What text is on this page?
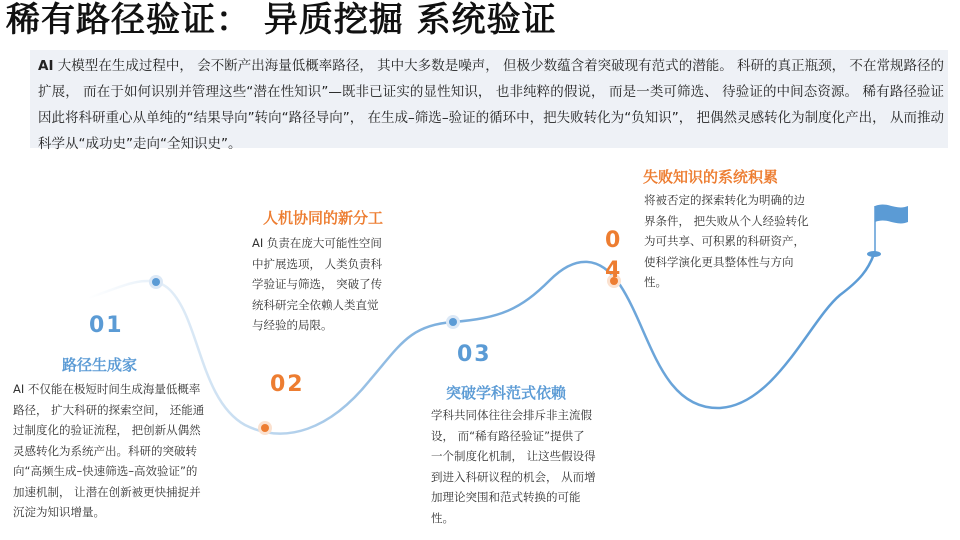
稀有路径验证： 异质挖掘 系统验证
AI 大模型在生成过程中， 会不断产出海量低概率路径， 其中大多数是噪声， 但极少数蕴含着突破现有范式的潜能。 科研的真正瓶颈， 不在常规路径的扩展， 而在于如何识别并管理这些“潜在性知识”—既非已证实的显性知识， 也非纯粹的假说， 而是一类可筛选、 待验证的中间态资源。 稀有路径验证因此将科研重心从单纯的“结果导向”转向“路径导向”， 在生成–筛选–验证的循环中，把失败转化为“负知识”， 把偶然灵感转化为制度化产出， 从而推动科学从“成功史”走向“全知识史”。
01
路径生成家
AI 不仅能在极短时间生成海量低概率路径， 扩大科研的探索空间， 还能通过制度化的验证流程， 把创新从偶然灵感转化为系统产出。科研的突破转向“高频生成–快速筛选–高效验证”的加速机制， 让潜在创新被更快捕捉并沉淀为知识增量。
02
人机协同的新分工
AI 负责在庞大可能性空间中扩展选项， 人类负责科学验证与筛选， 突破了传统科研完全依赖人类直觉与经验的局限。
03
突破学科范式依赖
学科共同体往往会排斥非主流假设， 而“稀有路径验证”提供了一个制度化机制， 让这些假设得到进入科研议程的机会， 从而增加理论突围和范式转换的可能性。
04
失败知识的系统积累
将被否定的探索转化为明确的边界条件， 把失败从个人经验转化为可共享、可积累的科研资产， 使科学演化更具整体性与方向性。
